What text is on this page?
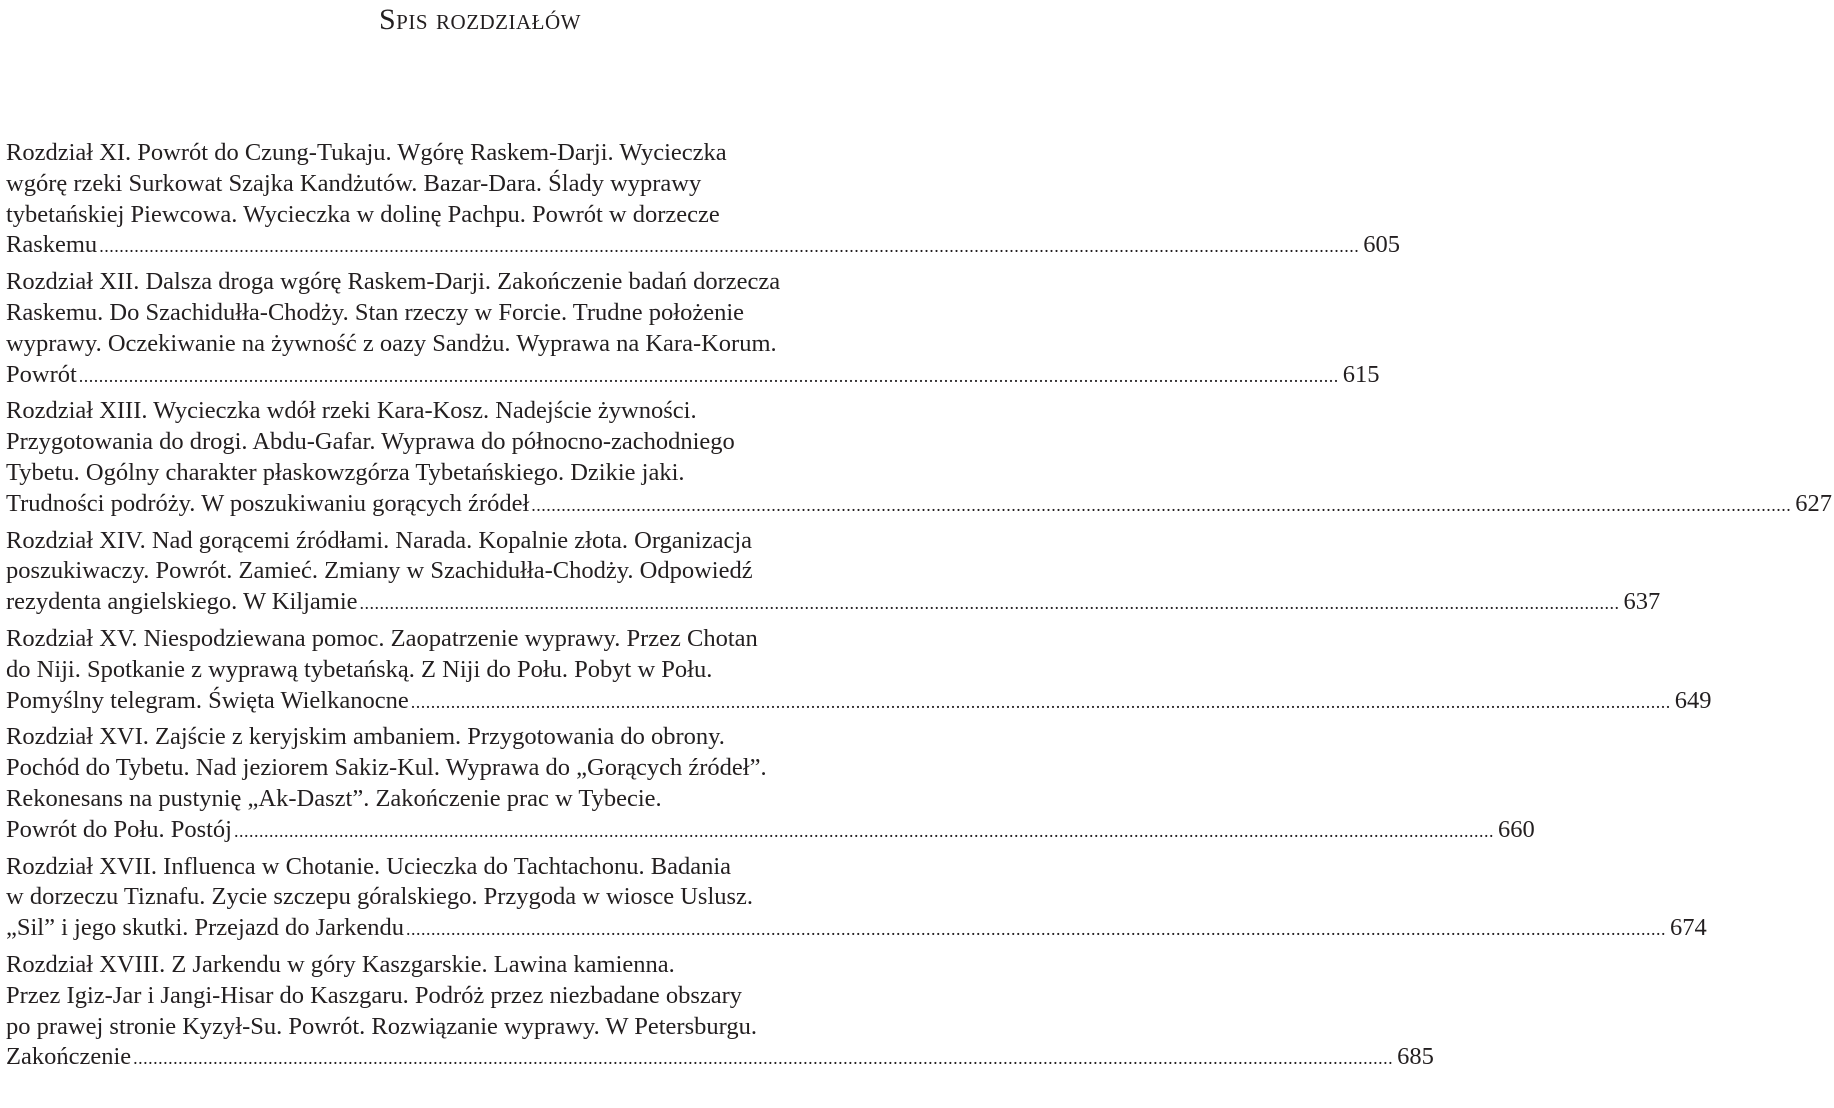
Spis rozdziałów
Rozdział XI. Powrót do Czung-Tukaju. Wgórę Raskem-Darji. Wycieczka
wgórę rzeki Surkowat Szajka Kandżutów. Bazar-Dara. Ślady wyprawy
tybetańskiej Piewcowa. Wycieczka w dolinę Pachpu. Powrót w dorzecze
Raskemu ............................................................................................................................................................................................................................................................ 605
Rozdział XII. Dalsza droga wgórę Raskem-Darji. Zakończenie badań dorzecza
Raskemu. Do Szachidułła-Chodży. Stan rzeczy w Forcie. Trudne położenie
wyprawy. Oczekiwanie na żywność z oazy Sandżu. Wyprawa na Kara-Korum.
Powrót ............................................................................................................................................................................................................................................................ 615
Rozdział XIII. Wycieczka wdół rzeki Kara-Kosz. Nadejście żywności.
Przygotowania do drogi. Abdu-Gafar. Wyprawa do północno-zachodniego
Tybetu. Ogólny charakter płaskowzgórza Tybetańskiego. Dzikie jaki.
Trudności podróży. W poszukiwaniu gorących źródeł ............................................................................................................................................................................................................................................................ 627
Rozdział XIV. Nad gorącemi źródłami. Narada. Kopalnie złota. Organizacja
poszukiwaczy. Powrót. Zamieć. Zmiany w Szachidułła-Chodży. Odpowiedź
rezydenta angielskiego. W Kiljamie ............................................................................................................................................................................................................................................................ 637
Rozdział XV. Niespodziewana pomoc. Zaopatrzenie wyprawy. Przez Chotan
do Niji. Spotkanie z wyprawą tybetańską. Z Niji do Połu. Pobyt w Połu.
Pomyślny telegram. Święta Wielkanocne ............................................................................................................................................................................................................................................................ 649
Rozdział XVI. Zajście z keryjskim ambaniem. Przygotowania do obrony.
Pochód do Tybetu. Nad jeziorem Sakiz-Kul. Wyprawa do „Gorących źródeł”.
Rekonesans na pustynię „Ak-Daszt”. Zakończenie prac w Tybecie.
Powrót do Połu. Postój ............................................................................................................................................................................................................................................................ 660
Rozdział XVII. Influenca w Chotanie. Ucieczka do Tachtachonu. Badania
w dorzeczu Tiznafu. Zycie szczepu góralskiego. Przygoda w wiosce Uslusz.
„Sil” i jego skutki. Przejazd do Jarkendu ............................................................................................................................................................................................................................................................ 674
Rozdział XVIII. Z Jarkendu w góry Kaszgarskie. Lawina kamienna.
Przez Igiz-Jar i Jangi-Hisar do Kaszgaru. Podróż przez niezbadane obszary
po prawej stronie Kyzył-Su. Powrót. Rozwiązanie wyprawy. W Petersburgu.
Zakończenie ............................................................................................................................................................................................................................................................ 685
